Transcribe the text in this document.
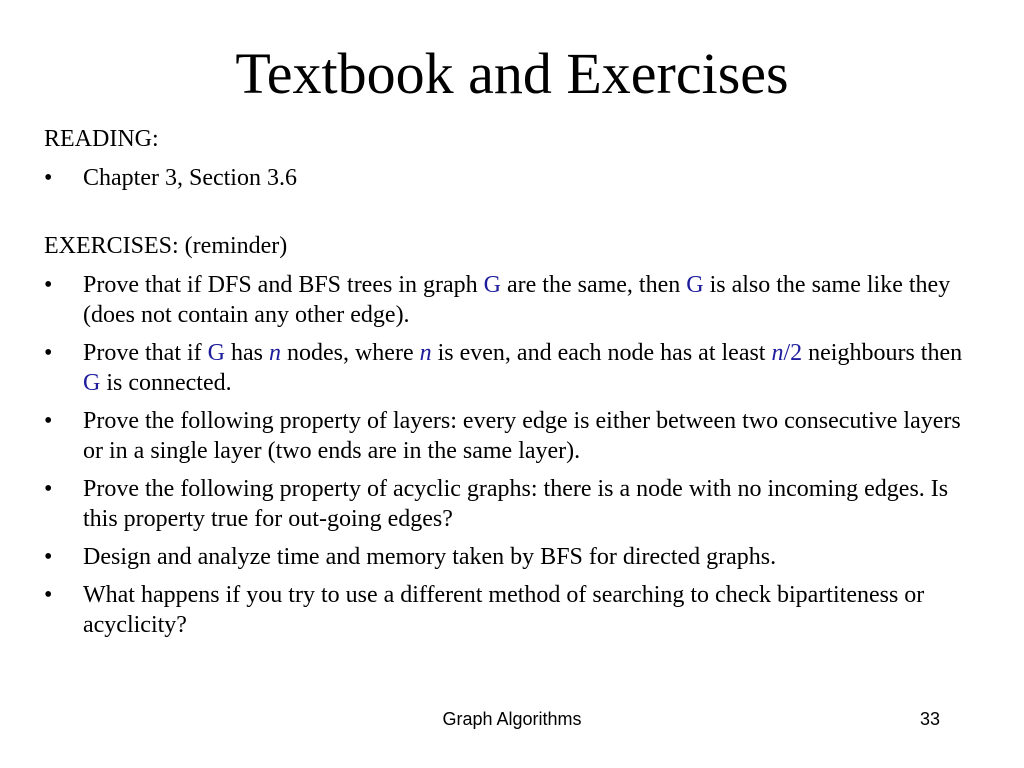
Textbook and Exercises

READING:

• Chapter 3, Section 3.6

EXERCISES: (reminder)

• Prove that if DFS and BFS trees in graph G are the same, then G is also the same like they (does not contain any other edge).
• Prove that if G has n nodes, where n is even, and each node has at least n/2 neighbours then G is connected.
• Prove the following property of layers: every edge is either between two consecutive layers or in a single layer (two ends are in the same layer).
• Prove the following property of acyclic graphs: there is a node with no incoming edges. Is this property true for out-going edges?
• Design and analyze time and memory taken by BFS for directed graphs.
• What happens if you try to use a different method of searching to check bipartiteness or acyclicity?
Graph Algorithms	33
